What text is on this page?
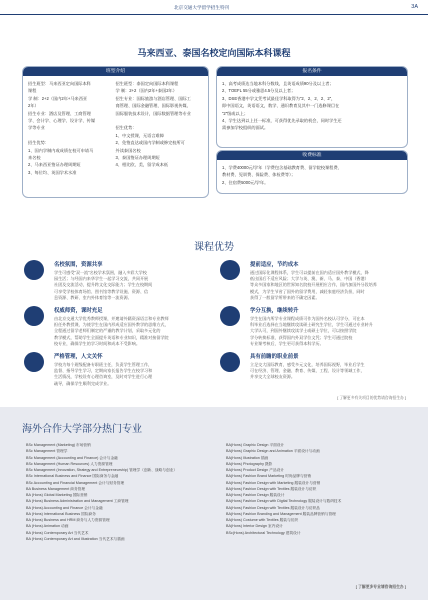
北京交通大学留学招生特刊	3A
马来西亚、泰国名校定向国际本科课程
班型介绍

招生班型：马来西亚定向国际本科

课程

学 制：2+2（国内2年+马来西亚

2年）

招生专业：酒店及管理、工商管理

学、会计学、心理学、设计学、传媒

学等专业

招生优势：

1、国内学制内或成绩在校可申请马

来名校

2、马来西亚签证办理周期短

3、每位均、英国学术水准

招生班型：泰国定向国际本科课程

学 制：2+2（国内2年+泰国2年）

招生专业：国际旅游与酒店管理、国际工

商管理、国际金融管理、国际影视传媒、

国际服装技术设计，国际数据管理等专业

招生优势：

1、中文授课，无语言难障

2、免签直达或国内学制或修完校所可

外读泰国名校

3、泰国签证办理周期短

4、相比欧、美，留学成本低

报名条件

1、高考成绩达当地本科分数线，且英语成绩90分及以上者；

2、TOEFL 55分或雅思4.5分及以上者；

3、DSE香港中学文凭考试最佳学科取得为“2、2、2、2、2”，

即中国语文，英语语文，数学、通识教育及其中一门选修课目在

“2”级或以上；

4、学生达到以上任一标准，可获得优先录取的机会，同时学生还

需参加学校组织的面试。

收费标准

1、学费40000元/学年（学费包含基础教育费、留学院校课程费、

教材费、见训费、保险费、体检费等）；

2、住宿费5000元/学年。

课程优势
名校氛围，资源共享

学生可感受“双一流”名校学术氛围，融入多彩大学校

园生活；与经国内来华学生一起学习交流，共同开展

社团及交流活动，提升跨文化交际能力；学生在校期间

可享受学校体育场馆、图书馆等教学设施、资源、信

息资源、教研、室内外体育馆等一流资源。

提前适应，节约成本

通过国际化课程体系，学生可以提前在国内适应国外教学模式，降

低出国后不适应风险；大学与英、澳、新、马、泰、中国（香港）

等众多国家和地区的世界知名院校开展相应合作，国内加国外分段培养

模式，为学生节省了国外的留学费用，减轻家庭经济负担，同时

获得了一般留学所带来的不确定因素。

权威师资，课时充足

由北京交通大学优秀教师授课，并邀请外籍资深语言和专业教师

担任外教授课，为使学生在国内形成适应国外教学的思维方式，

全程通过留学老师们制定的严谨的教学计划，采取多元化的

教学模式，帮助学生全面提升英语和专业知识，精准对接留学院

校专业，确保学生的学习时间和成本不受影响。

学分互换，继续转升

学生在国内所学专业课程成绩可作为国外名校认可学分，可在本

科毕业后选择在当地继续攻读硕士研究生学位，学生可通过专业转升

大学认可，到国外继续攻读学士或硕士学位，可以按照学院

学分转换标准，获得国内外双学位文凭；学生可通过院校

专业课考核后，学生更可获得本科学历。

严格管理，人文关怀

学校为每个班级配备专职班主任，负责学生管理工作，

监督、指导学生学习，定期向家长报告学生在校学习和

生活情况，学校设有心理咨询室，及时对学生进行心理

疏导，确保学生顺利完成学业。

具有前瞻的职业前景

立足交大国际教育，感受多元文化，培养国际视野，毕业后学生

可在经济、管理、金融、教育、传媒、工程、设计等领域工作，

并享交大全球校友资源。

[ 了解更多有关项目的优势请咨询招生办 ]
海外合作大学部分热门专业

BSc Management (Marketing) 市场营销

BSc Management 管理学

BSc Management (Accounting and Finance) 会计与金融

BSc Management (Human Resources) 人力资源管理

BSc Management (Innovation, Strategy and Entrepreneurship) 管理学（创新、战略与创业）

BSc International Business and Finance 国际商务与金融

BSc Accounting and Financial Management 会计与财务管理

BA Business Management 商务管理

BA (Hons) Global Marketing 国际营销

BA (Hons) Business Administration and Management 工商管理

BA (Hons) Accounting and Finance 会计与金融

BA (Hons) International Business 国际商务

BA (Hons) Business and HRM 商务与人力资源管理

BA (Hons) Animation 动画

BA (Hons) Contemporary Art 当代艺术

BA (Hons) Contemporary Art and Illustration 当代艺术与插画

BA(Hons) Graphic Design 平面设计

BA(Hons) Graphic Design and Animation 平面设计与动画

BA(Hons) Illustration 插画

BA(Hons) Photography 摄影

BA(Hons) Product Design 产品设计

BA(Hons) Fashion Brand Marketing 时尚品牌与营销

BA(Hons) Fashion Design with Marketing 服装设计与营销

BA(Hons) Fashion Design with Textiles 服装设计与纺织

BA(Hons) Fashion Design 服装设计

BA(Hons) Fashion Design with Digital Technology 服装设计与数码技术

BA(Hons) Fashion Design with Textiles 服装设计与纺织品

BA(Hons) Fashion Branding and Management 服装品牌营销与管理

BA(Hons) Costume with Textiles 服装与纺织

BA(Hons) Interior Design 室内设计

BSc(Hons) Architectural Technology 建筑设计

[ 了解更多专业请咨询招生办 ]
